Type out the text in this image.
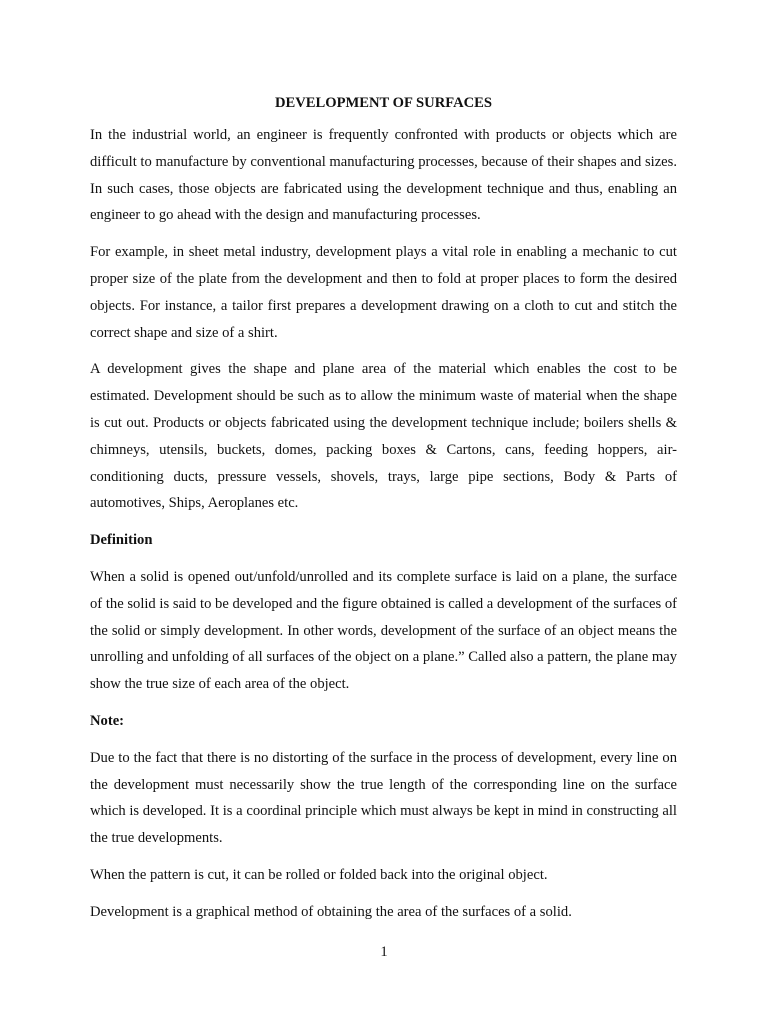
DEVELOPMENT OF SURFACES

In the industrial world, an engineer is frequently confronted with products or objects which are difficult to manufacture by conventional manufacturing processes, because of their shapes and sizes. In such cases, those objects are fabricated using the development technique and thus, enabling an engineer to go ahead with the design and manufacturing processes.

For example, in sheet metal industry, development plays a vital role in enabling a mechanic to cut proper size of the plate from the development and then to fold at proper places to form the desired objects. For instance, a tailor first prepares a development drawing on a cloth to cut and stitch the correct shape and size of a shirt.

A development gives the shape and plane area of the material which enables the cost to be estimated. Development should be such as to allow the minimum waste of material when the shape is cut out. Products or objects fabricated using the development technique include; boilers shells & chimneys, utensils, buckets, domes, packing boxes & Cartons, cans, feeding hoppers, air-conditioning ducts, pressure vessels, shovels, trays, large pipe sections, Body & Parts of automotives, Ships, Aeroplanes etc.

Definition

When a solid is opened out/unfold/unrolled and its complete surface is laid on a plane, the surface of the solid is said to be developed and the figure obtained is called a development of the surfaces of the solid or simply development. In other words, development of the surface of an object means the unrolling and unfolding of all surfaces of the object on a plane.” Called also a pattern, the plane may show the true size of each area of the object.

Note:

Due to the fact that there is no distorting of the surface in the process of development, every line on the development must necessarily show the true length of the corresponding line on the surface which is developed. It is a coordinal principle which must always be kept in mind in constructing all the true developments.

When the pattern is cut, it can be rolled or folded back into the original object.

Development is a graphical method of obtaining the area of the surfaces of a solid.

1
